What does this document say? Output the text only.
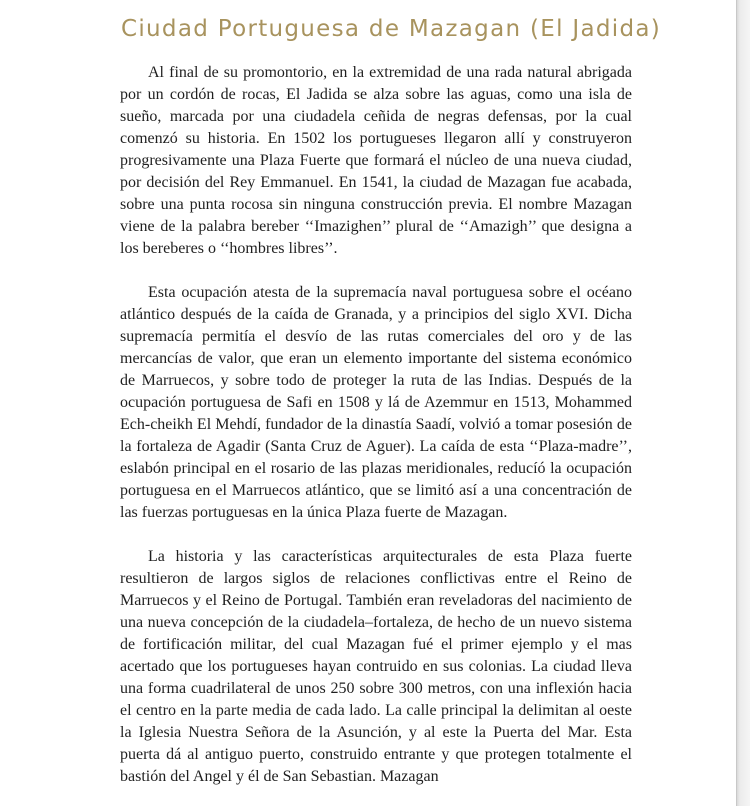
Ciudad Portuguesa de Mazagan (El Jadida)

Al final de su promontorio, en la extremidad de una rada natural abrigada por un cordón de rocas, El Jadida se alza sobre las aguas, como una isla de sueño, marcada por una ciudadela ceñida de negras defensas, por la cual comenzó su historia. En 1502 los portugueses llegaron allí y construyeron progresivamente una Plaza Fuerte que formará el núcleo de una nueva ciudad, por decisión del Rey Emmanuel. En 1541, la ciudad de Mazagan fue acabada, sobre una punta rocosa sin ninguna construcción previa. El nombre Mazagan viene de la palabra bereber ‘‘Imazighen’’ plural de ‘‘Amazigh’’ que designa a los bereberes o ‘‘hombres libres’’.

Esta ocupación atesta de la supremacía naval portuguesa sobre el océano atlántico después de la caída de Granada, y a principios del siglo XVI. Dicha supremacía permitía el desvío de las rutas comerciales del oro y de las mercancías de valor, que eran un elemento importante del sistema económico de Marruecos, y sobre todo de proteger la ruta de las Indias. Después de la ocupación portuguesa de Safi en 1508 y lá de Azemmur en 1513, Mohammed Ech-cheikh El Mehdí, fundador de la dinastía Saadí, volvió a tomar posesión de la fortaleza de Agadir (Santa Cruz de Aguer). La caída de esta ‘‘Plaza-madre’’, eslabón principal en el rosario de las plazas meridionales, reducíó la ocupación portuguesa en el Marruecos atlántico, que se limitó así a una concentración de las fuerzas portuguesas en la única Plaza fuerte de Mazagan.

La historia y las características arquitecturales de esta Plaza fuerte resultieron de largos siglos de relaciones conflictivas entre el Reino de Marruecos y el Reino de Portugal. También eran reveladoras del nacimiento de una nueva concepción de la ciudadela–fortaleza, de hecho de un nuevo sistema de fortificación militar, del cual Mazagan fué el primer ejemplo y el mas acertado que los portugueses hayan contruido en sus colonias. La ciudad lleva una forma cuadrilateral de unos 250 sobre 300 metros, con una inflexión hacia el centro en la parte media de cada lado. La calle principal la delimitan al oeste la Iglesia Nuestra Señora de la Asunción, y al este la Puerta del Mar. Esta puerta dá al antiguo puerto, construido entrante y que protegen totalmente el bastión del Angel y él de San Sebastian. Mazagan
